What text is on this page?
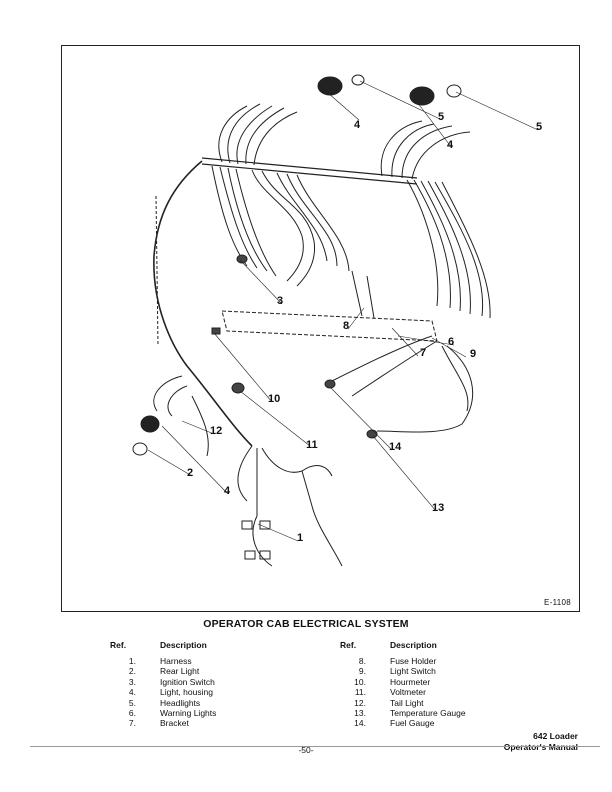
1
2
3
4
4
4
5
5
6
7
8
9
10
11
12
13
14
E-1108
OPERATOR CAB ELECTRICAL SYSTEM
Ref.	Description
1.	Harness
2.	Rear Light
3.	Ignition Switch
4.	Light, housing
5.	Headlights
6.	Warning Lights
7.	Bracket
Ref.	Description
8.	Fuse Holder
9.	Light Switch
10.	Hourmeter
11.	Voltmeter
12.	Tail Light
13.	Temperature Gauge
14.	Fuel Gauge
642 Loader
Operator's Manual
-50-
